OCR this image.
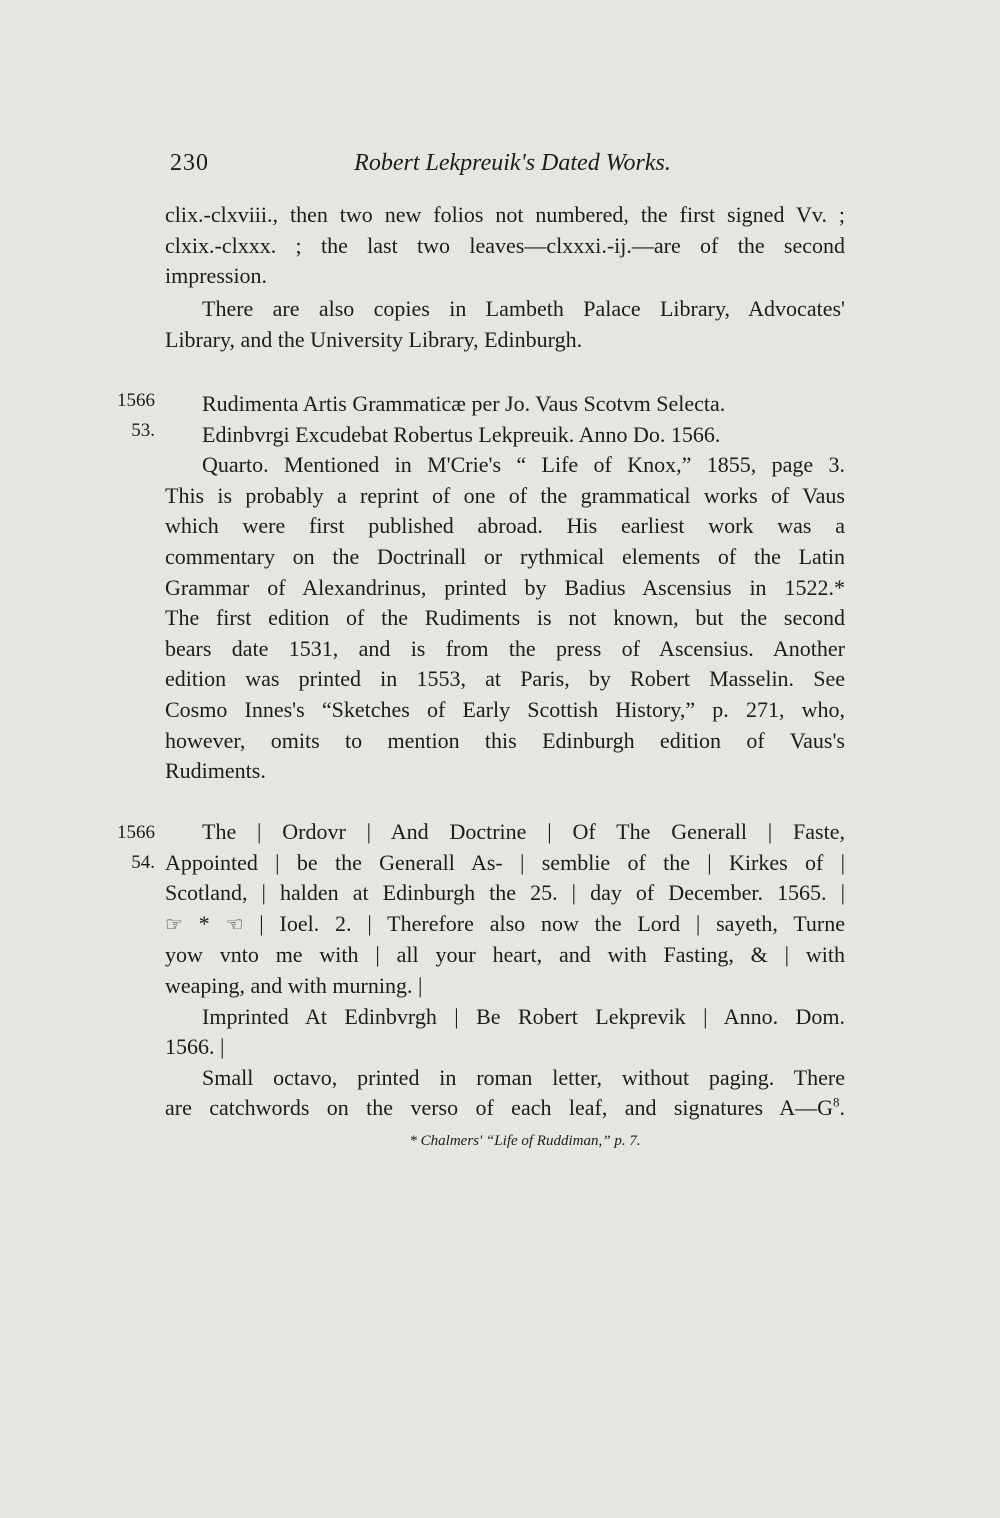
230	Robert Lekpreuik's Dated Works.

clix.-clxviii., then two new folios not numbered, the first signed Vv. ;

clxix.-clxxx. ; the last two leaves—clxxxi.-ij.—are of the second

impression.

There are also copies in Lambeth Palace Library, Advocates'

Library, and the University Library, Edinburgh.

1566
53.

Rudimenta Artis Grammaticæ per Jo. Vaus Scotvm Selecta.

Edinbvrgi Excudebat Robertus Lekpreuik. Anno Do. 1566.

Quarto. Mentioned in M'Crie's “ Life of Knox,” 1855, page 3.

This is probably a reprint of one of the grammatical works of Vaus

which were first published abroad. His earliest work was a

commentary on the Doctrinall or rythmical elements of the Latin

Grammar of Alexandrinus, printed by Badius Ascensius in 1522.*

The first edition of the Rudiments is not known, but the second

bears date 1531, and is from the press of Ascensius. Another

edition was printed in 1553, at Paris, by Robert Masselin. See

Cosmo Innes's “Sketches of Early Scottish History,” p. 271, who,

however, omits to mention this Edinburgh edition of Vaus's

Rudiments.

1566
54.

The | Ordovr | And Doctrine | Of The Generall | Faste,

Appointed | be the Generall As- | semblie of the | Kirkes of |

Scotland, | halden at Edinburgh the 25. | day of December. 1565. |

☞ * ☜ | Ioel. 2. | Therefore also now the Lord | sayeth, Turne

yow vnto me with | all your heart, and with Fasting, & | with

weaping, and with murning. |

Imprinted At Edinbvrgh | Be Robert Lekprevik | Anno. Dom.

1566. |

Small octavo, printed in roman letter, without paging. There

are catchwords on the verso of each leaf, and signatures $A—G^8$.

* Chalmers' “Life of Ruddiman,” p. 7.
